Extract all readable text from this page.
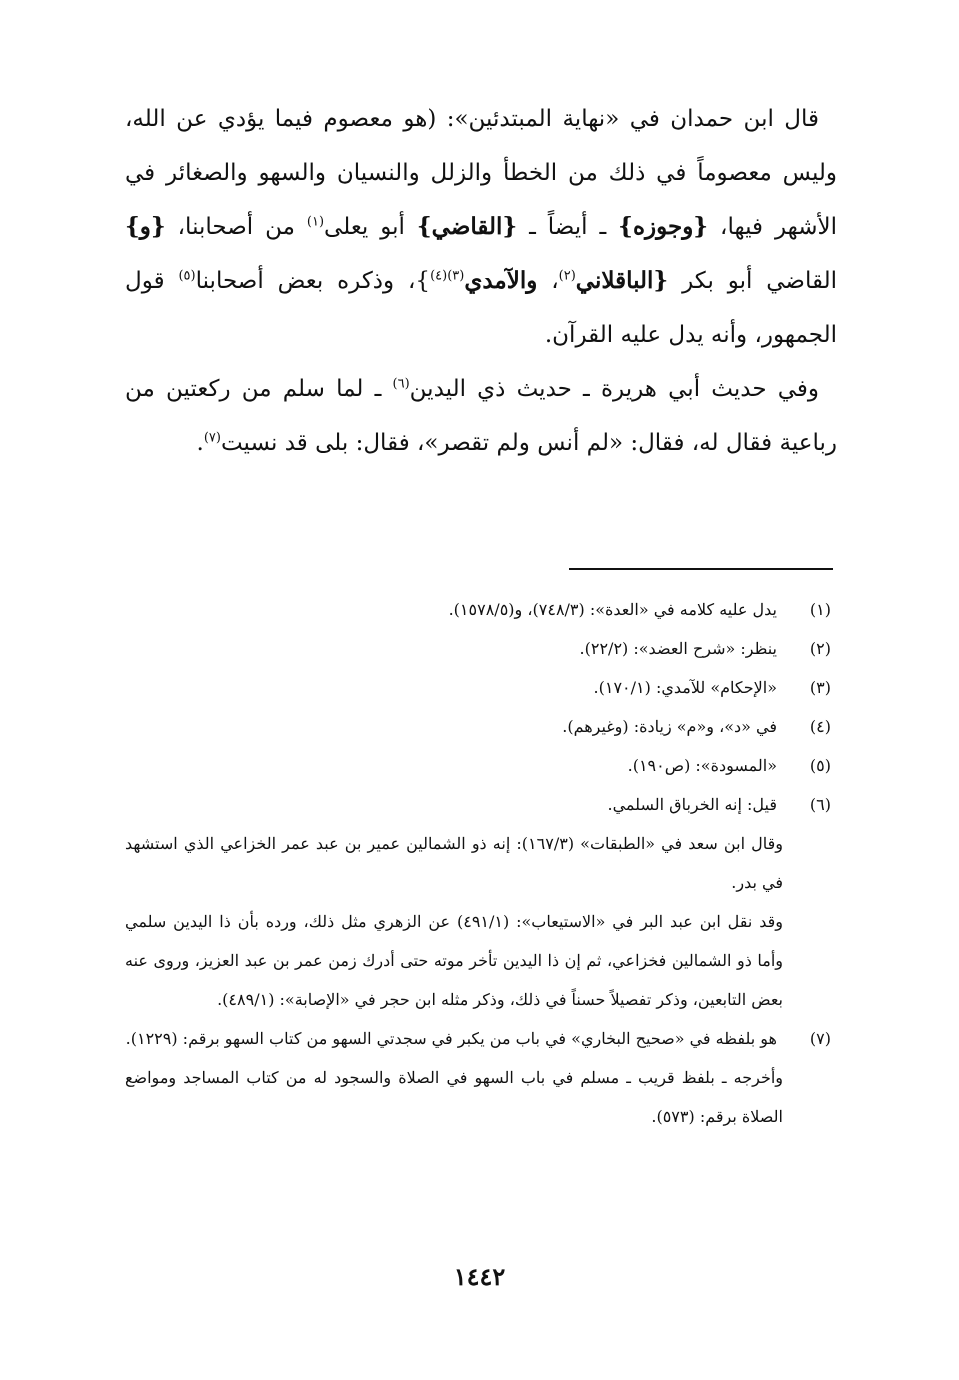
قال ابن حمدان في «نهاية المبتدئين»: (هو معصوم فيما يؤدي عن الله، وليس معصوماً في ذلك من الخطأ والزلل والنسيان والسهو والصغائر في الأشهر فيها، {وجوزه} ـ أيضاً ـ {القاضي} أبو يعلى$^{(١)}$ من أصحابنا، {و} القاضي أبو بكر {الباقلاني$^{(٢)}$، والآمدي$^{(٣)(٤)}$}، وذكره بعض أصحابنا$^{(٥)}$ قول الجمهور، وأنه يدل عليه القرآن.

وفي حديث أبي هريرة ـ حديث ذي اليدين$^{(٦)}$ ـ لما سلم من ركعتين من رباعية فقال له، فقال: «لم أنس ولم تقصر»، فقال: بلى قد نسيت$^{(٧)}$.

(١)
يدل عليه كلامه في «العدة»: (٧٤٨/٣)، و(١٥٧٨/٥).
(٢)
ينظر: «شرح العضد»: (٢٢/٢).
(٣)
«الإحكام» للآمدي: (١٧٠/١).
(٤)
في «د»، و«م» زيادة: (وغيرهم).
(٥)
«المسودة»: (ص١٩٠).
(٦)
قيل: إنه الخرباق السلمي.
وقال ابن سعد في «الطبقات» (١٦٧/٣): إنه ذو الشمالين عمير بن عبد عمر الخزاعي الذي استشهد في بدر.
وقد نقل ابن عبد البر في «الاستيعاب»: (٤٩١/١) عن الزهري مثل ذلك، ورده بأن ذا اليدين سلمي وأما ذو الشمالين فخزاعي، ثم إن ذا اليدين تأخر موته حتى أدرك زمن عمر بن عبد العزيز، وروى عنه بعض التابعين، وذكر تفصيلاً حسناً في ذلك، وذكر مثله ابن حجر في «الإصابة»: (٤٨٩/١).
(٧)
هو بلفظه في «صحيح البخاري» في باب من يكبر في سجدتي السهو من كتاب السهو برقم: (١٢٢٩).
وأخرجه ـ بلفظ قريب ـ مسلم في باب السهو في الصلاة والسجود له من كتاب المساجد ومواضع الصلاة برقم: (٥٧٣).
١٤٤٢
